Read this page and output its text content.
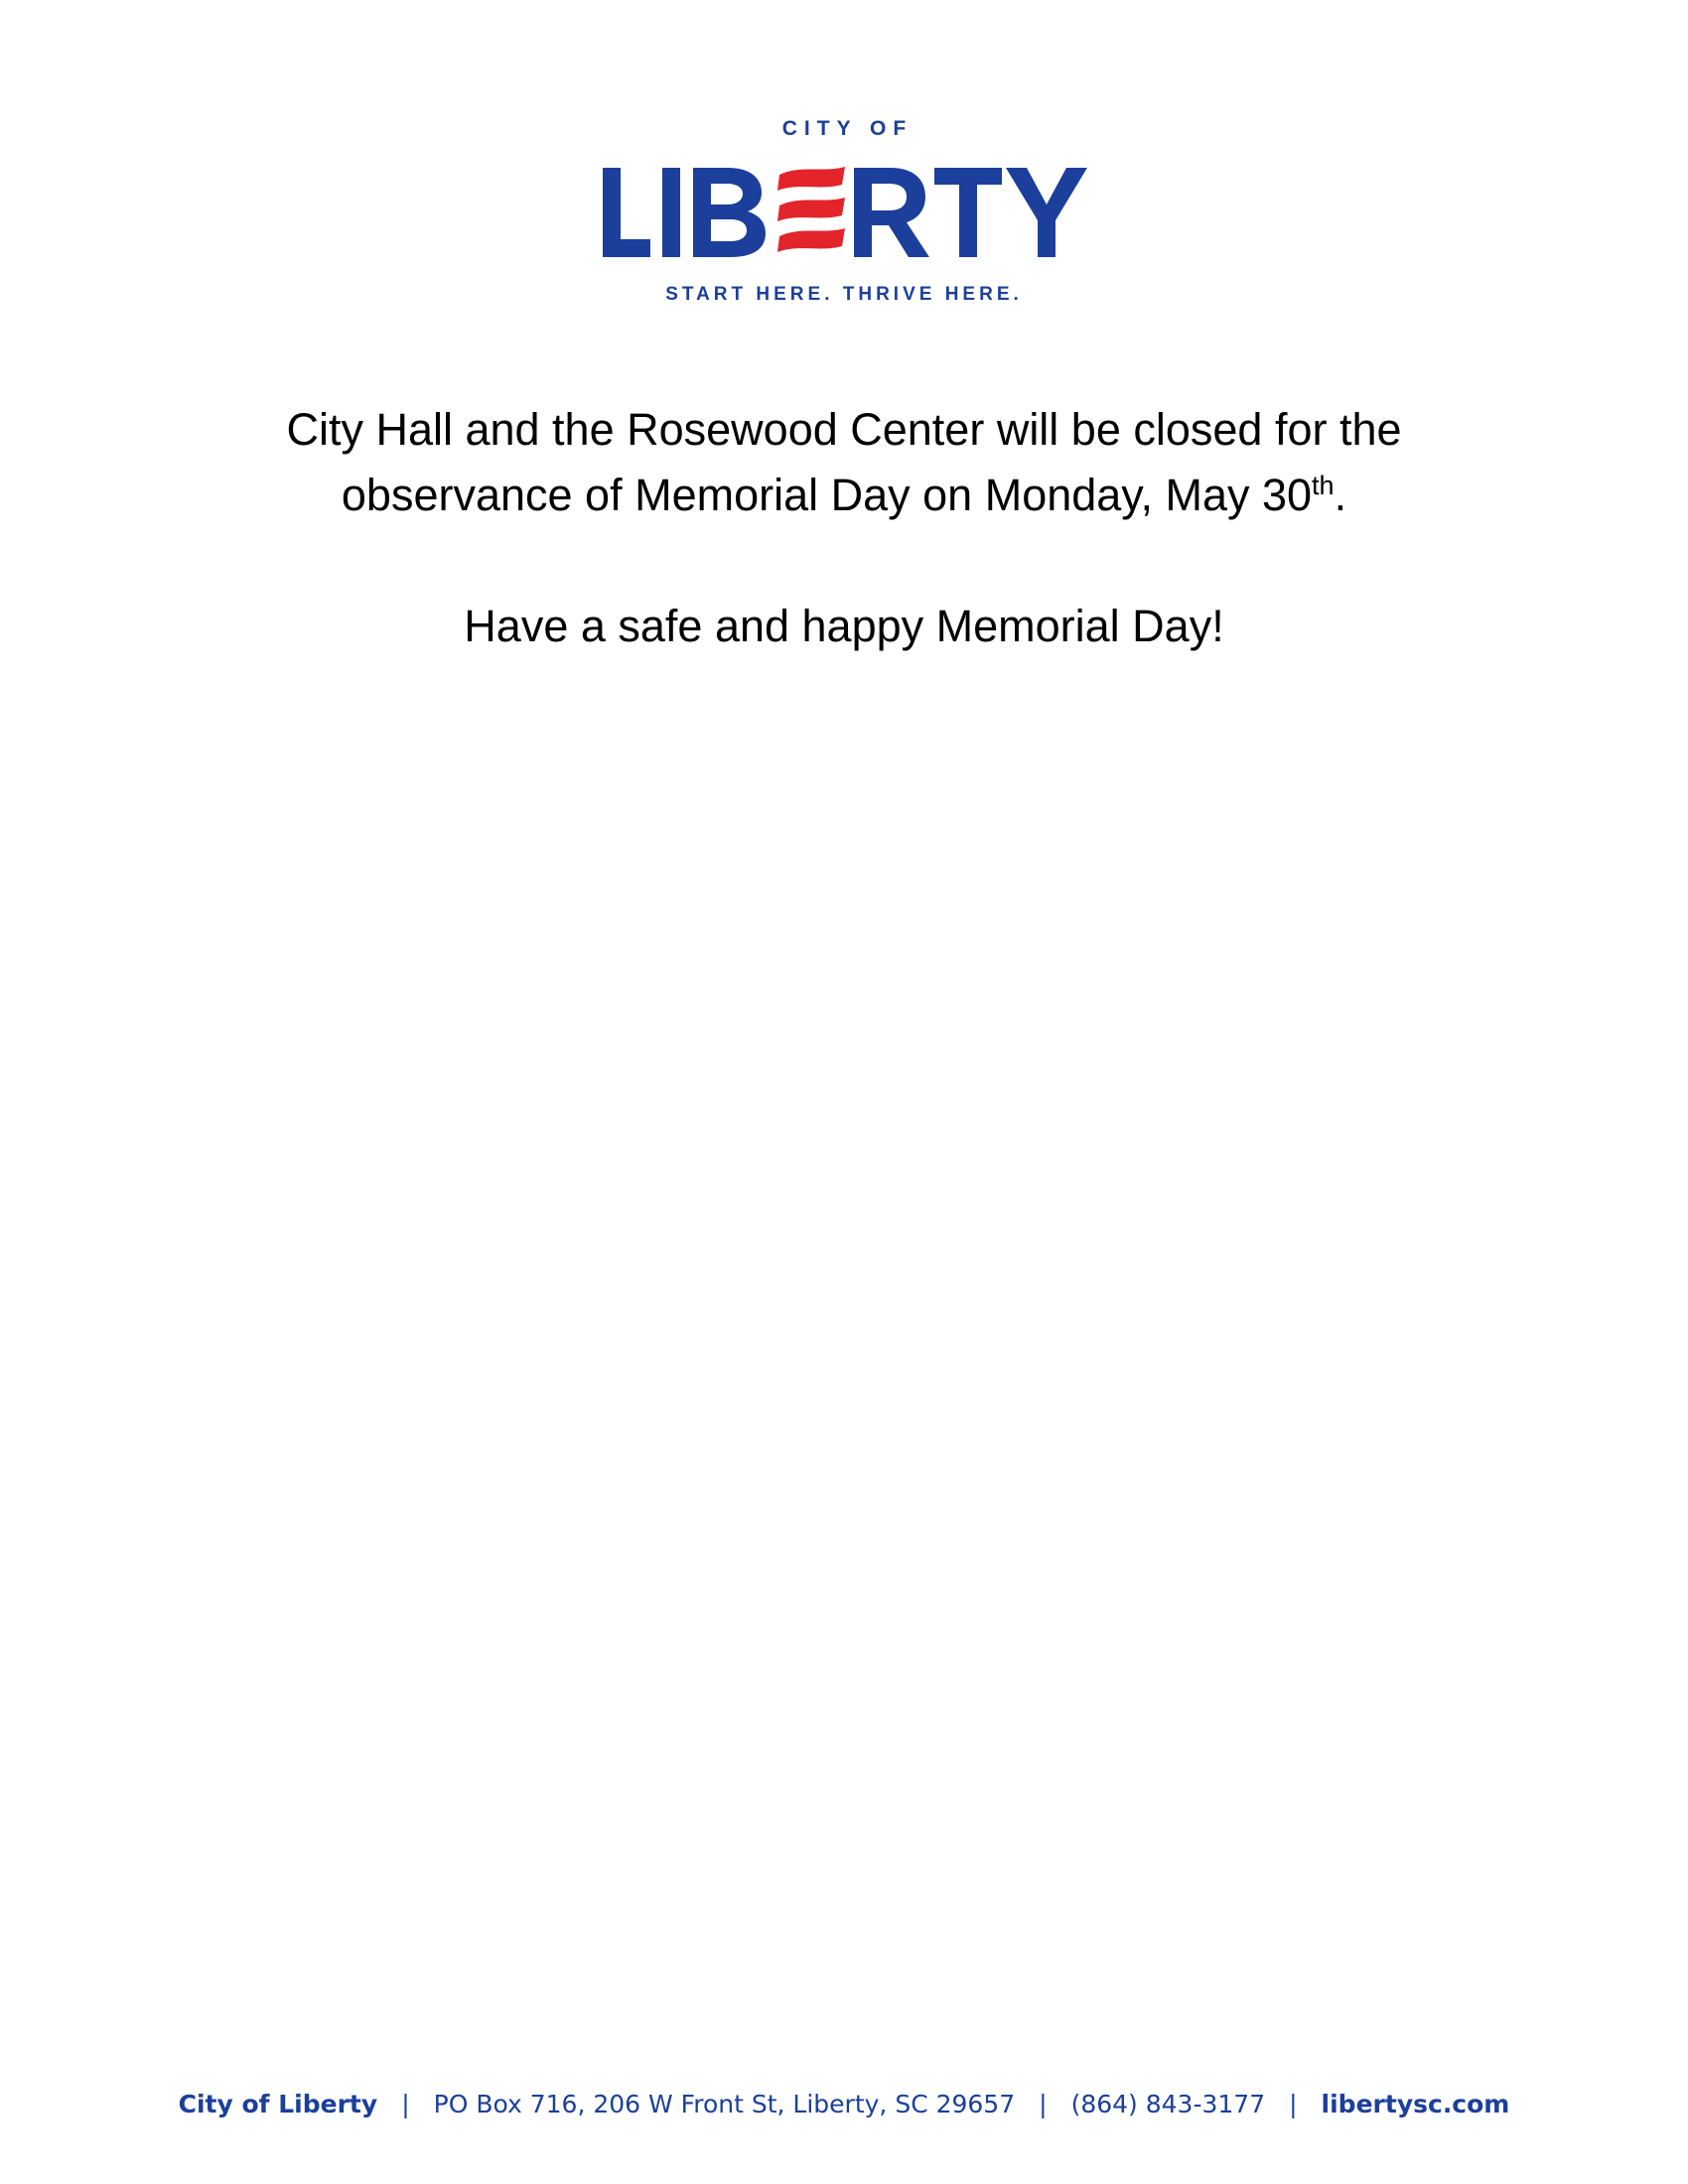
CITY OF
START HERE. THRIVE HERE.

City Hall and the Rosewood Center will be closed for the

observance of Memorial Day on Monday, May 30th.

Have a safe and happy Memorial Day!

City of Liberty | PO Box 716, 206 W Front St, Liberty, SC 29657 | (864) 843-3177 | libertysc.com
